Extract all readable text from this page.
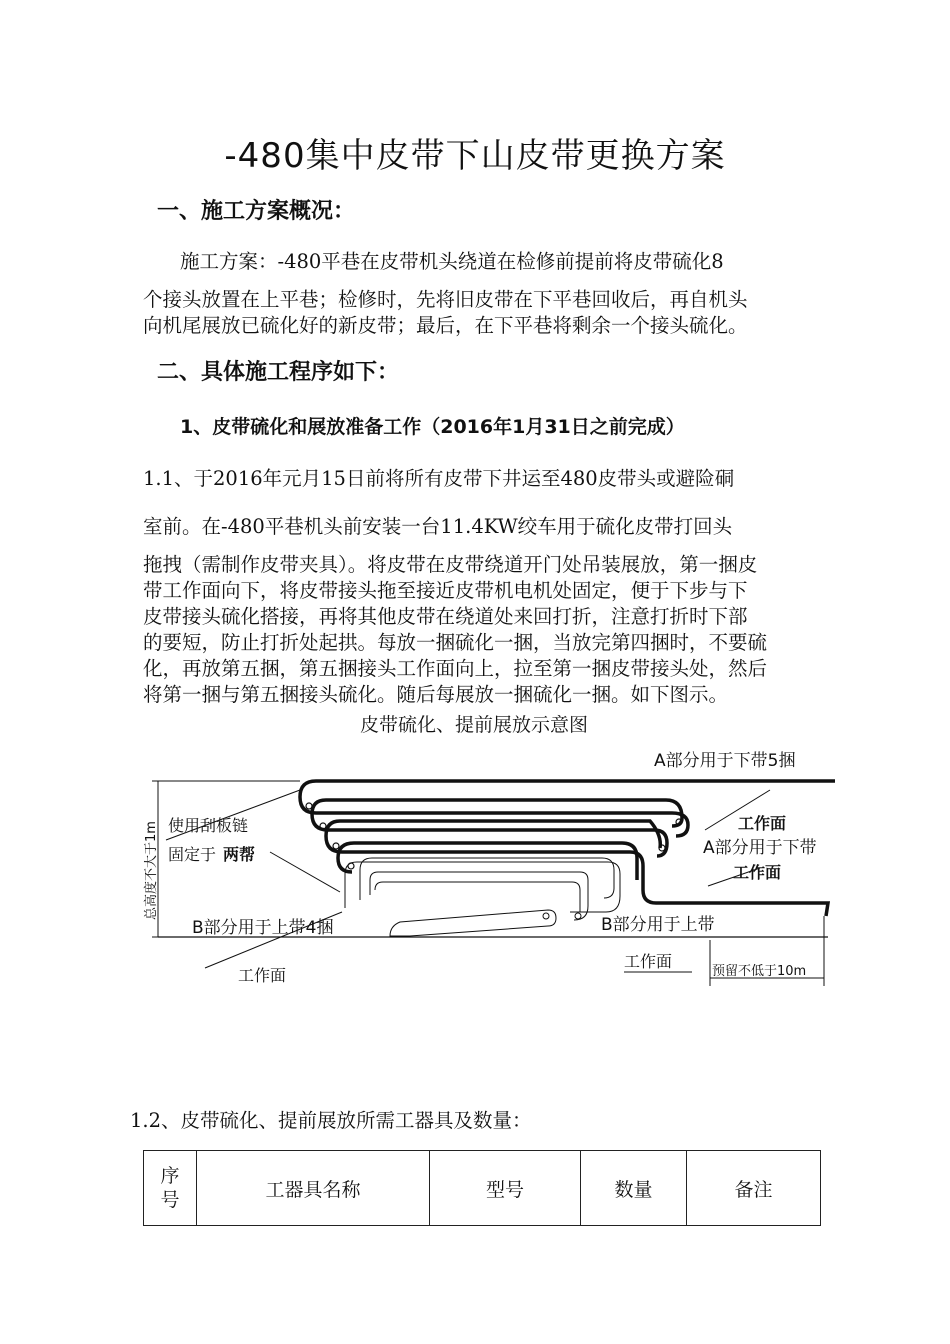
-480集中皮带下山皮带更换方案
一、施工方案概况：
施工方案：-480平巷在皮带机头绕道在检修前提前将皮带硫化8
个接头放置在上平巷；检修时，先将旧皮带在下平巷回收后，再自机头
向机尾展放已硫化好的新皮带；最后，在下平巷将剩余一个接头硫化。
二、具体施工程序如下：
1、皮带硫化和展放准备工作（2016年1月31日之前完成）
1.1、于2016年元月15日前将所有皮带下井运至480皮带头或避险硐
室前。在-480平巷机头前安装一台11.4KW绞车用于硫化皮带打回头
拖拽（需制作皮带夹具）。将皮带在皮带绕道开门处吊装展放，第一捆皮
带工作面向下，将皮带接头拖至接近皮带机电机处固定，便于下步与下
皮带接头硫化搭接，再将其他皮带在绕道处来回打折，注意打折时下部
的要短，防止打折处起拱。每放一捆硫化一捆，当放完第四捆时，不要硫
化，再放第五捆，第五捆接头工作面向上，拉至第一捆皮带接头处，然后
将第一捆与第五捆接头硫化。随后每展放一捆硫化一捆。如下图示。
皮带硫化、提前展放示意图
A部分用于下带5捆
工作面
A部分用于下带
工作面
使用刮板链
固定于 两帮
总高度不大于1m
B部分用于上带4捆	B部分用于上带
工作面
工作面
预留不低于10m
1.2、皮带硫化、提前展放所需工器具及数量：
序
号	工器具名称	型号	数量	备注
